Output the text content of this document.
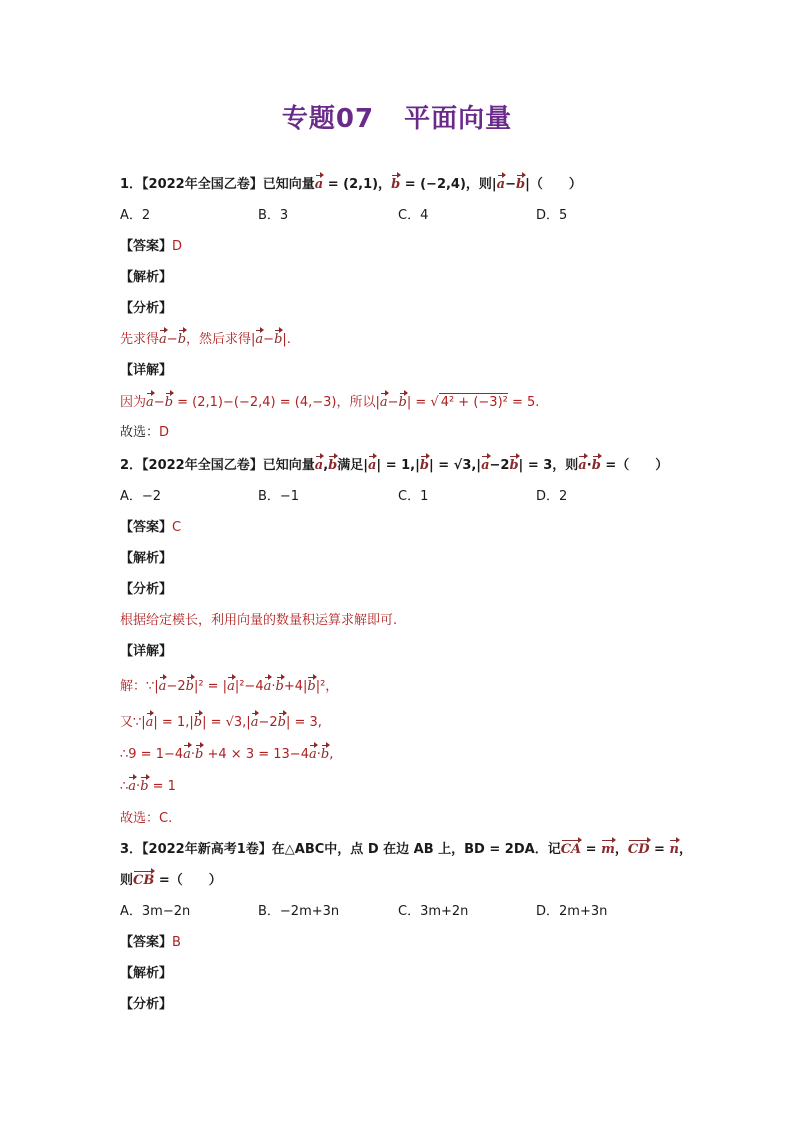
专题07 平面向量
1．【2022年全国乙卷】已知向量a = (2,1)，b = (−2,4)，则|a−b|（　　）
A．2	B．3	C．4	D．5
【答案】D
【解析】
【分析】
先求得a−b，然后求得|a−b|.
【详解】
因为a−b = (2,1)−(−2,4) = (4,−3)，所以|a−b| = √ 4² + (−3)² = 5.
故选：D
2．【2022年全国乙卷】已知向量a,b满足|a| = 1,|b| = √3,|a−2b| = 3，则a·b =（　　）
A．−2	B．−1	C．1	D．2
【答案】C
【解析】
【分析】
根据给定模长，利用向量的数量积运算求解即可.
【详解】
解：∵|a−2b|² = |a|²−4a·b+4|b|²，
又∵|a| = 1,|b| = √3,|a−2b| = 3,
∴9 = 1−4a·b +4 × 3 = 13−4a·b,
∴a·b = 1
故选：C.
3．【2022年新高考1卷】在△ABC中，点 D 在边 AB 上，BD = 2DA．记CA = m，CD = n，
则CB =（　　）
A．3m−2n	B．−2m+3n	C．3m+2n	D．2m+3n
【答案】B
【解析】
【分析】
